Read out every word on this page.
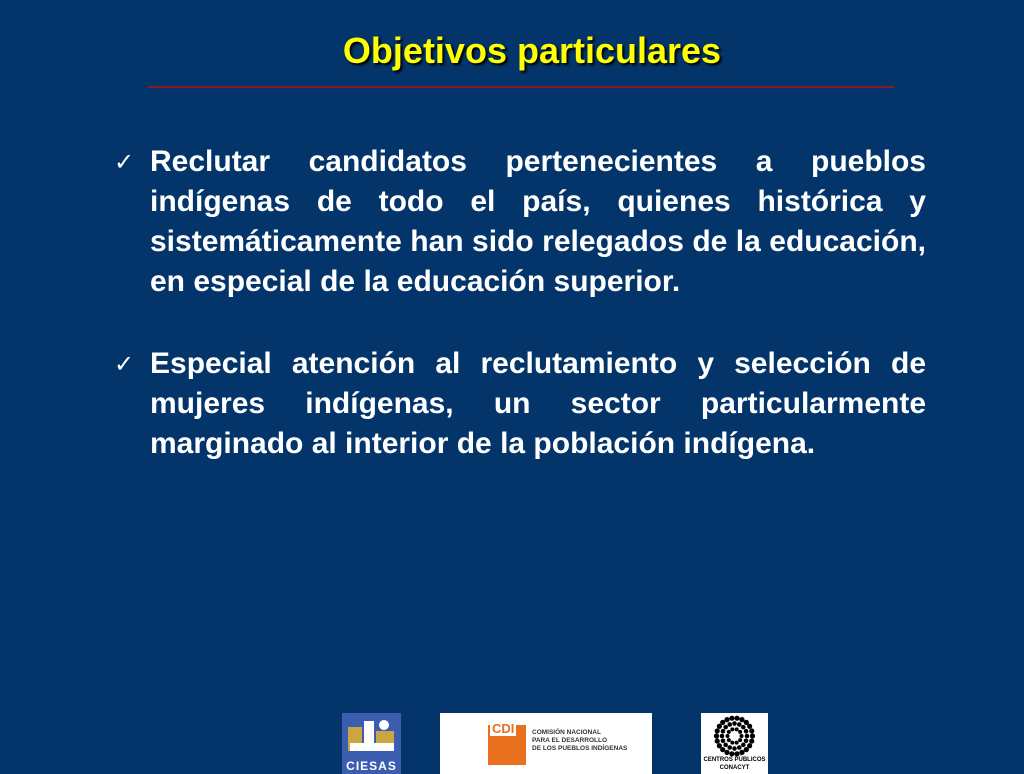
Objetivos particulares
✓ Reclutar candidatos pertenecientes a pueblos indígenas de todo el país, quienes histórica y sistemáticamente han sido relegados de la educación, en especial de la educación superior.

✓ Especial atención al reclutamiento y selección de mujeres indígenas, un sector particularmente marginado al interior de la población indígena.

CIESAS
CDI	COMISIÓN NACIONAL
PARA EL DESARROLLO
DE LOS PUEBLOS INDÍGENAS
CENTROS PÚBLICOS
CONACYT
